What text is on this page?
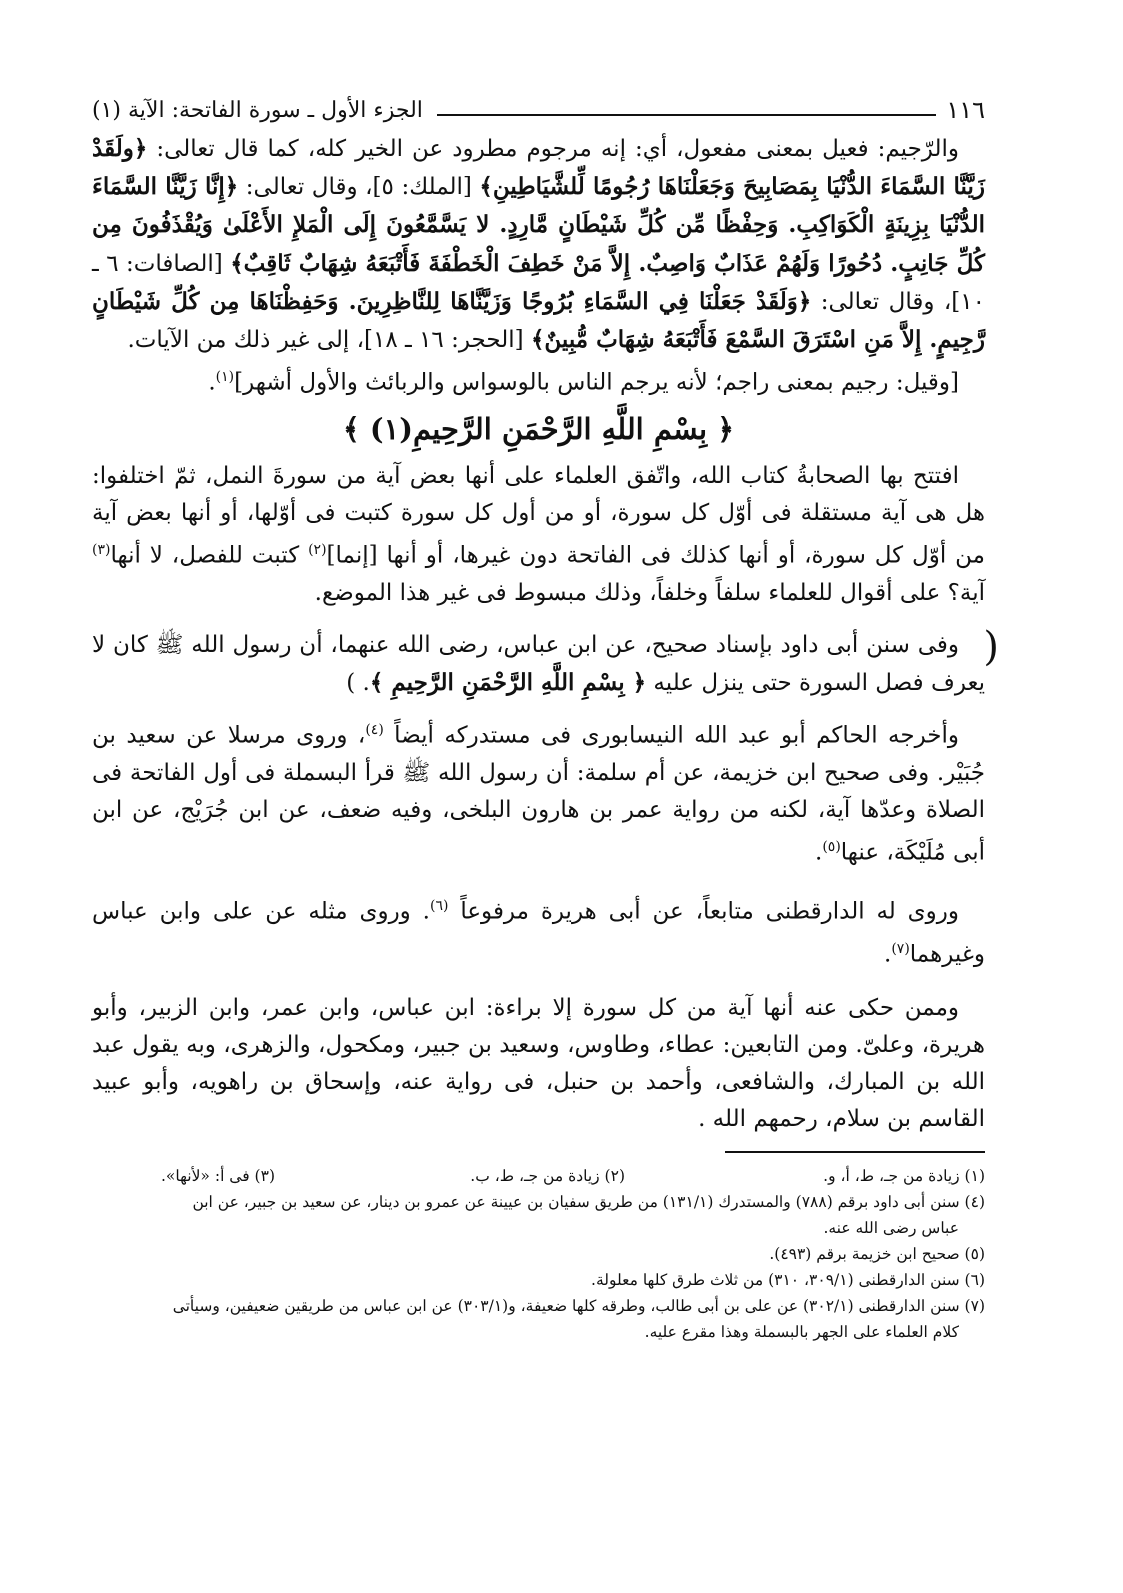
١١٦
الجزء الأول ـ سورة الفاتحة: الآية (١)

والرّجيم: فعيل بمعنى مفعول، أي: إنه مرجوم مطرود عن الخير كله، كما قال تعالى: ﴿ولَقَدْ زَيَّنَّا السَّمَاءَ الدُّنْيَا بِمَصَابِيحَ وَجَعَلْنَاهَا رُجُومًا لِّلشَّيَاطِينِ﴾ [الملك: ٥]، وقال تعالى: ﴿إِنَّا زَيَّنَّا السَّمَاءَ الدُّنْيَا بِزِينَةٍ الْكَوَاكِبِ. وَحِفْظًا مِّن كُلِّ شَيْطَانٍ مَّارِدٍ. لا يَسَّمَّعُونَ إِلَى الْمَلإِ الأَعْلَىٰ وَيُقْذَفُونَ مِن كُلِّ جَانِبٍ. دُحُورًا وَلَهُمْ عَذَابٌ وَاصِبٌ. إِلاَّ مَنْ خَطِفَ الْخَطْفَةَ فَأَتْبَعَهُ شِهَابٌ ثَاقِبٌ﴾ [الصافات: ٦ ـ ١٠]، وقال تعالى: ﴿وَلَقَدْ جَعَلْنَا فِي السَّمَاءِ بُرُوجًا وَزَيَّنَّاهَا لِلنَّاظِرِينَ. وَحَفِظْنَاهَا مِن كُلِّ شَيْطَانٍ رَّجِيمٍ. إِلاَّ مَنِ اسْتَرَقَ السَّمْعَ فَأَتْبَعَهُ شِهَابٌ مُّبِينٌ﴾ [الحجر: ١٦ ـ ١٨]، إلى غير ذلك من الآيات.

[وقيل: رجيم بمعنى راجم؛ لأنه يرجم الناس بالوسواس والربائث والأول أشهر]$^{(١)}$.

﴿ بِسْمِ اللَّهِ الرَّحْمَنِ الرَّحِيمِ(١) ﴾

افتتح بها الصحابةُ كتاب الله، واتّفق العلماء على أنها بعض آية من سورةَ النمل، ثمّ اختلفوا: هل هى آية مستقلة فى أوّل كل سورة، أو من أول كل سورة كتبت فى أوّلها، أو أنها بعض آية من أوّل كل سورة، أو أنها كذلك فى الفاتحة دون غيرها، أو أنها [إنما]$^{(٢)}$ كتبت للفصل، لا أنها$^{(٣)}$ آية؟ على أقوال للعلماء سلفاً وخلفاً، وذلك مبسوط فى غير هذا الموضع.

(

وفى سنن أبى داود بإسناد صحيح، عن ابن عباس، رضى الله عنهما، أن رسول الله ﷺ كان لا يعرف فصل السورة حتى ينزل عليه ﴿ بِسْمِ اللَّهِ الرَّحْمَنِ الرَّحِيمِ ﴾. )

وأخرجه الحاكم أبو عبد الله النيسابورى فى مستدركه أيضاً $^{(٤)}$، وروى مرسلا عن سعيد بن جُبَيْر. وفى صحيح ابن خزيمة، عن أم سلمة: أن رسول الله ﷺ قرأ البسملة فى أول الفاتحة فى الصلاة وعدّها آية، لكنه من رواية عمر بن هارون البلخى، وفيه ضعف، عن ابن جُرَيْج، عن ابن أبى مُلَيْكَة، عنها$^{(٥)}$.

وروى له الدارقطنى متابعاً، عن أبى هريرة مرفوعاً $^{(٦)}$. وروى مثله عن على وابن عباس وغيرهما$^{(٧)}$.

وممن حكى عنه أنها آية من كل سورة إلا براءة: ابن عباس، وابن عمر، وابن الزبير، وأبو هريرة، وعلىّ. ومن التابعين: عطاء، وطاوس، وسعيد بن جبير، ومكحول، والزهرى، وبه يقول عبد الله بن المبارك، والشافعى، وأحمد بن حنبل، فى رواية عنه، وإسحاق بن راهويه، وأبو عبيد القاسم بن سلام، رحمهم الله .

(١) زيادة من جـ، ط، أ، و.
(٢) زيادة من جـ، ط، ب.
(٣) فى أ: «لأنها».

(٤) سنن أبى داود برقم (٧٨٨) والمستدرك (١٣١/١) من طريق سفيان بن عيينة عن عمرو بن دينار، عن سعيد بن جبير، عن ابن
عباس رضى الله عنه.

(٥) صحيح ابن خزيمة برقم (٤٩٣).

(٦) سنن الدارقطنى (٣٠٩/١، ٣١٠) من ثلاث طرق كلها معلولة.

(٧) سنن الدارقطنى (٣٠٢/١) عن على بن أبى طالب، وطرقه كلها ضعيفة، و(٣٠٣/١) عن ابن عباس من طريقين ضعيفين، وسيأتى
كلام العلماء على الجهر بالبسملة وهذا مقرع عليه.
